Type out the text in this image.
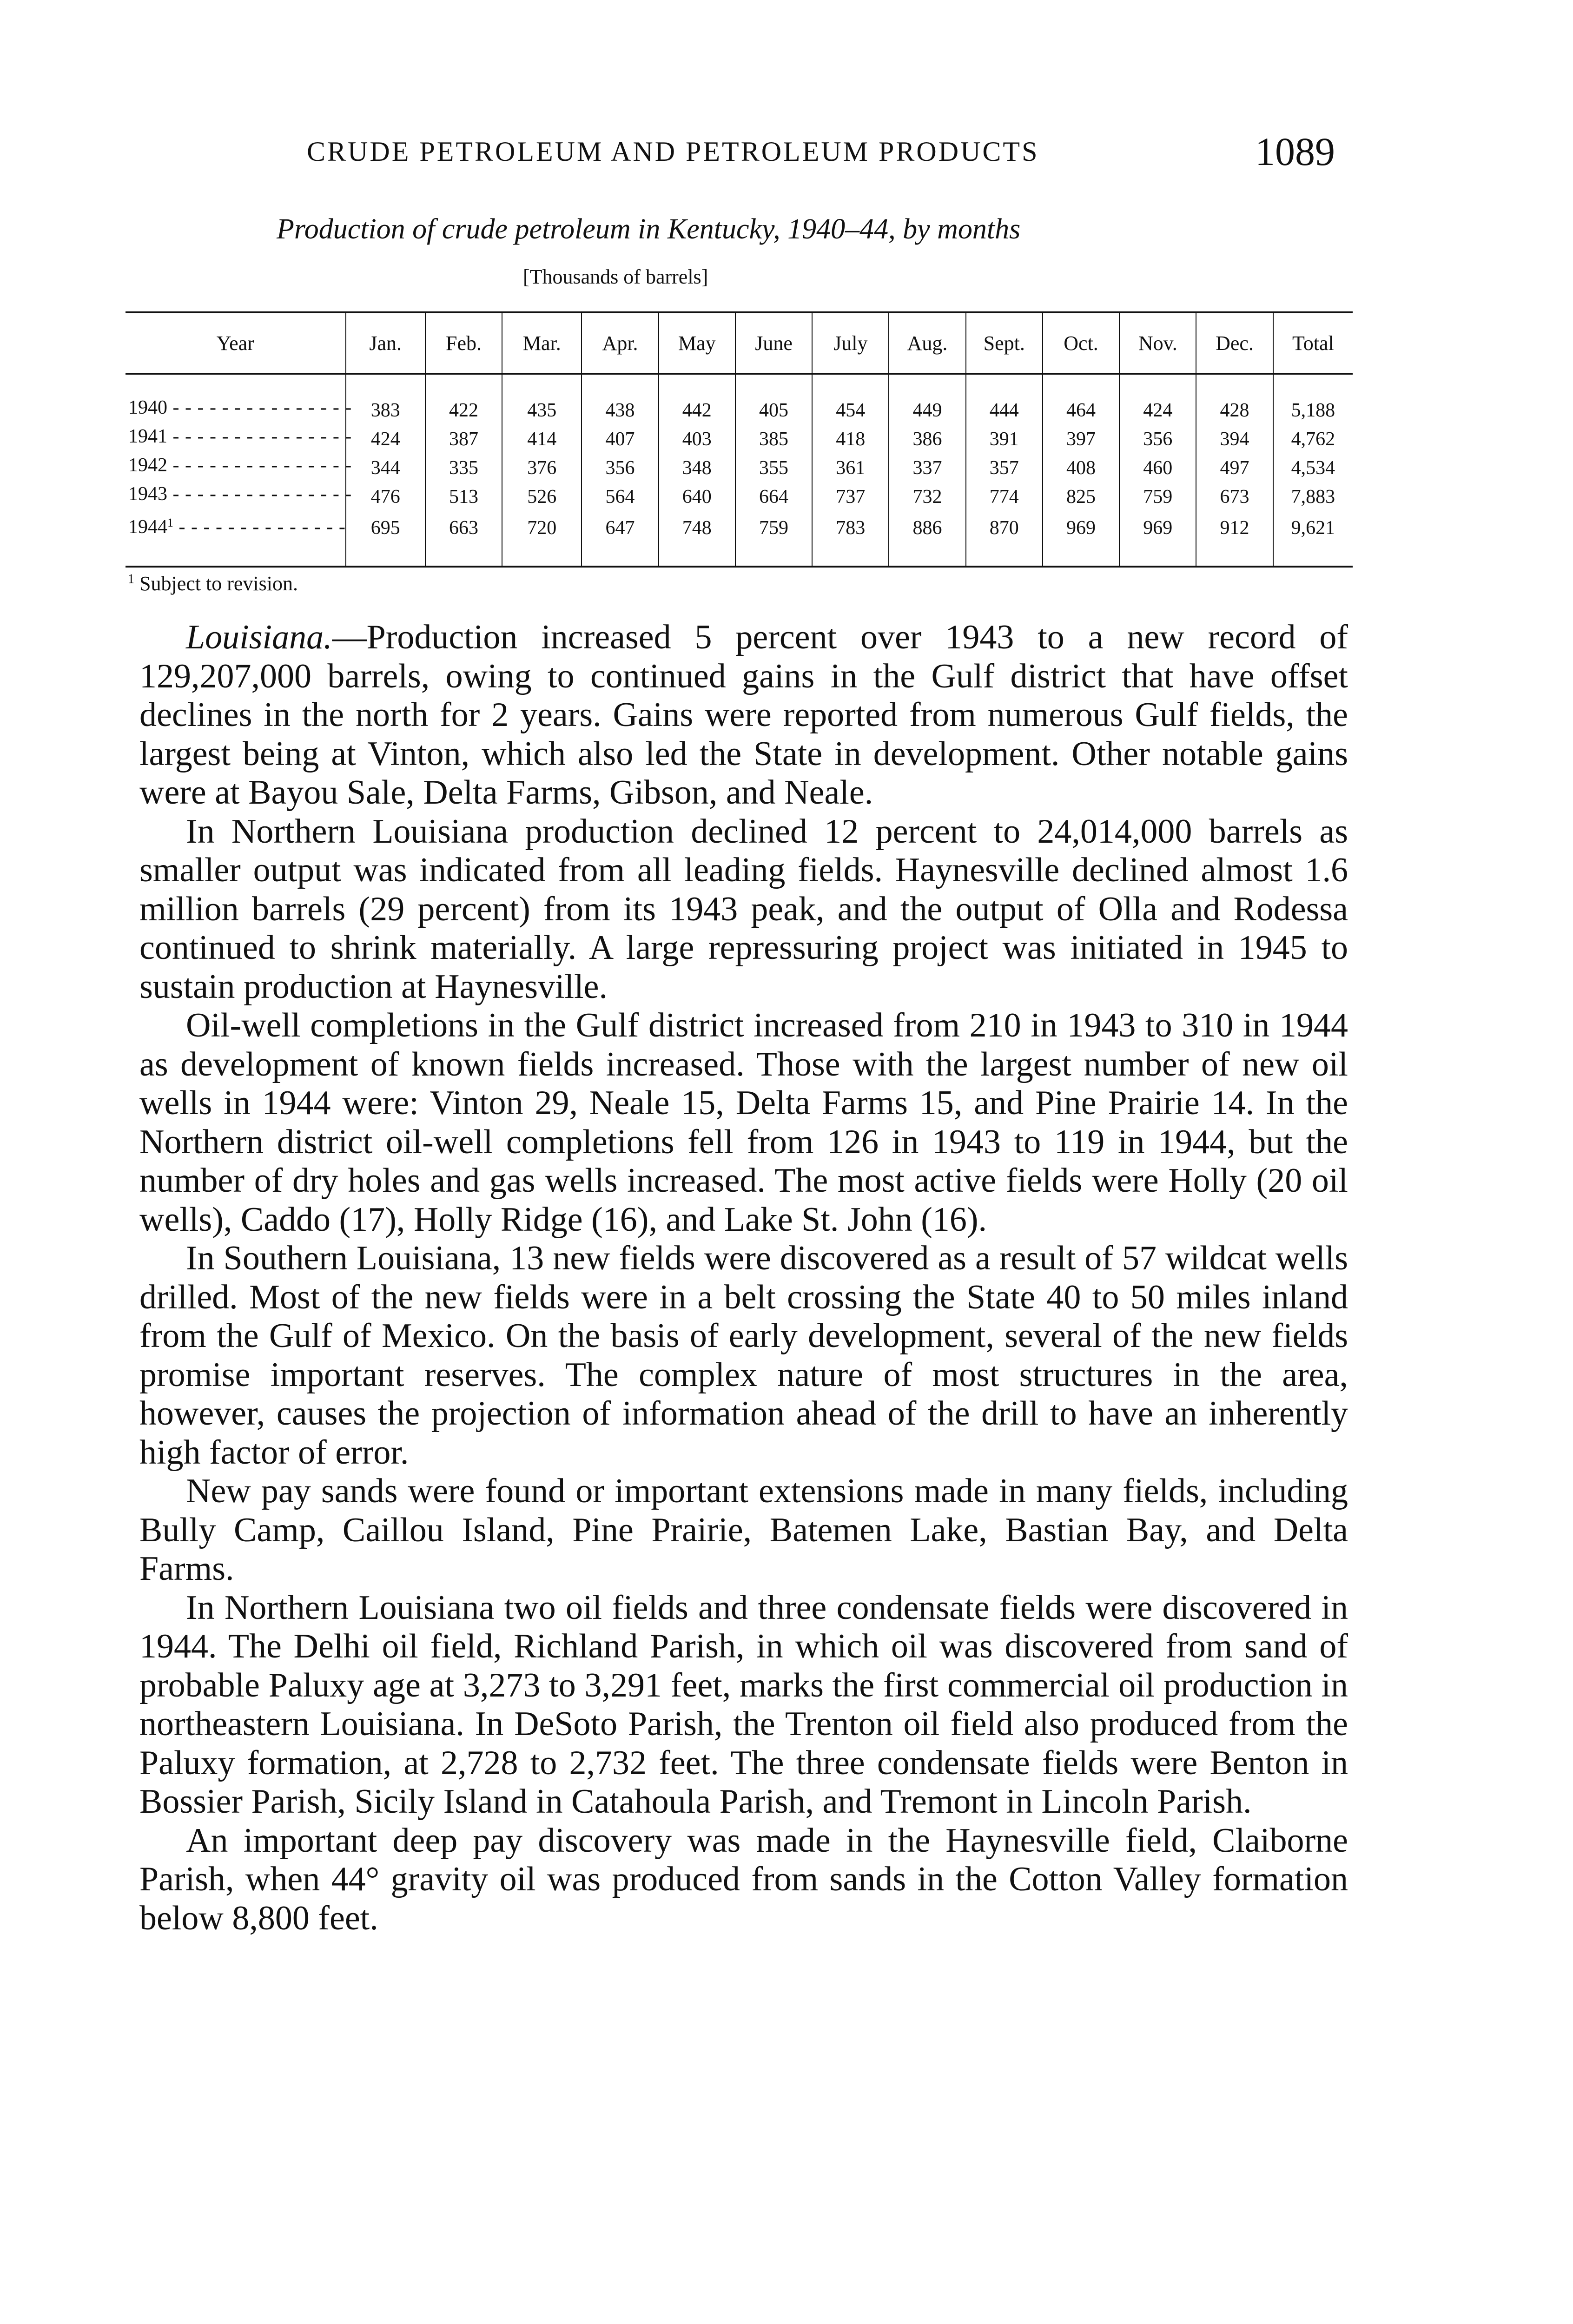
CRUDE PETROLEUM AND PETROLEUM PRODUCTS	1089
Production of crude petroleum in Kentucky, 1940–44, by months
[Thousands of barrels]
Year	Jan.	Feb.	Mar.	Apr.	May	June	July	Aug.	Sept.	Oct.	Nov.	Dec.	Total
1940 - - -	383	422	435	438	442	405	454	449	444	464	424	428	5,188
1941 - - -	424	387	414	407	403	385	418	386	391	397	356	394	4,762
1942 - - -	344	335	376	356	348	355	361	337	357	408	460	497	4,534
1943 - - -	476	513	526	564	640	664	737	732	774	825	759	673	7,883
1944$^1$ - - -	695	663	720	647	748	759	783	886	870	969	969	912	9,621
$^1$ Subject to revision.

Louisiana.—Production increased 5 percent over 1943 to a new record of 129,207,000 barrels, owing to continued gains in the Gulf district that have offset declines in the north for 2 years. Gains were reported from numerous Gulf fields, the largest being at Vinton, which also led the State in development. Other notable gains were at Bayou Sale, Delta Farms, Gibson, and Neale.

In Northern Louisiana production declined 12 percent to 24,014,000 barrels as smaller output was indicated from all leading fields. Haynesville declined almost 1.6 million barrels (29 percent) from its 1943 peak, and the output of Olla and Rodessa continued to shrink materially. A large repressuring project was initiated in 1945 to sustain production at Haynesville.

Oil-well completions in the Gulf district increased from 210 in 1943 to 310 in 1944 as development of known fields increased. Those with the largest number of new oil wells in 1944 were: Vinton 29, Neale 15, Delta Farms 15, and Pine Prairie 14. In the Northern district oil-well completions fell from 126 in 1943 to 119 in 1944, but the number of dry holes and gas wells increased. The most active fields were Holly (20 oil wells), Caddo (17), Holly Ridge (16), and Lake St. John (16).

In Southern Louisiana, 13 new fields were discovered as a result of 57 wildcat wells drilled. Most of the new fields were in a belt crossing the State 40 to 50 miles inland from the Gulf of Mexico. On the basis of early development, several of the new fields promise important reserves. The complex nature of most structures in the area, however, causes the projection of information ahead of the drill to have an inherently high factor of error.

New pay sands were found or important extensions made in many fields, including Bully Camp, Caillou Island, Pine Prairie, Batemen Lake, Bastian Bay, and Delta Farms.

In Northern Louisiana two oil fields and three condensate fields were discovered in 1944. The Delhi oil field, Richland Parish, in which oil was discovered from sand of probable Paluxy age at 3,273 to 3,291 feet, marks the first commercial oil production in northeastern Louisiana. In DeSoto Parish, the Trenton oil field also produced from the Paluxy formation, at 2,728 to 2,732 feet. The three condensate fields were Benton in Bossier Parish, Sicily Island in Catahoula Parish, and Tremont in Lincoln Parish.

An important deep pay discovery was made in the Haynesville field, Claiborne Parish, when 44° gravity oil was produced from sands in the Cotton Valley formation below 8,800 feet.
